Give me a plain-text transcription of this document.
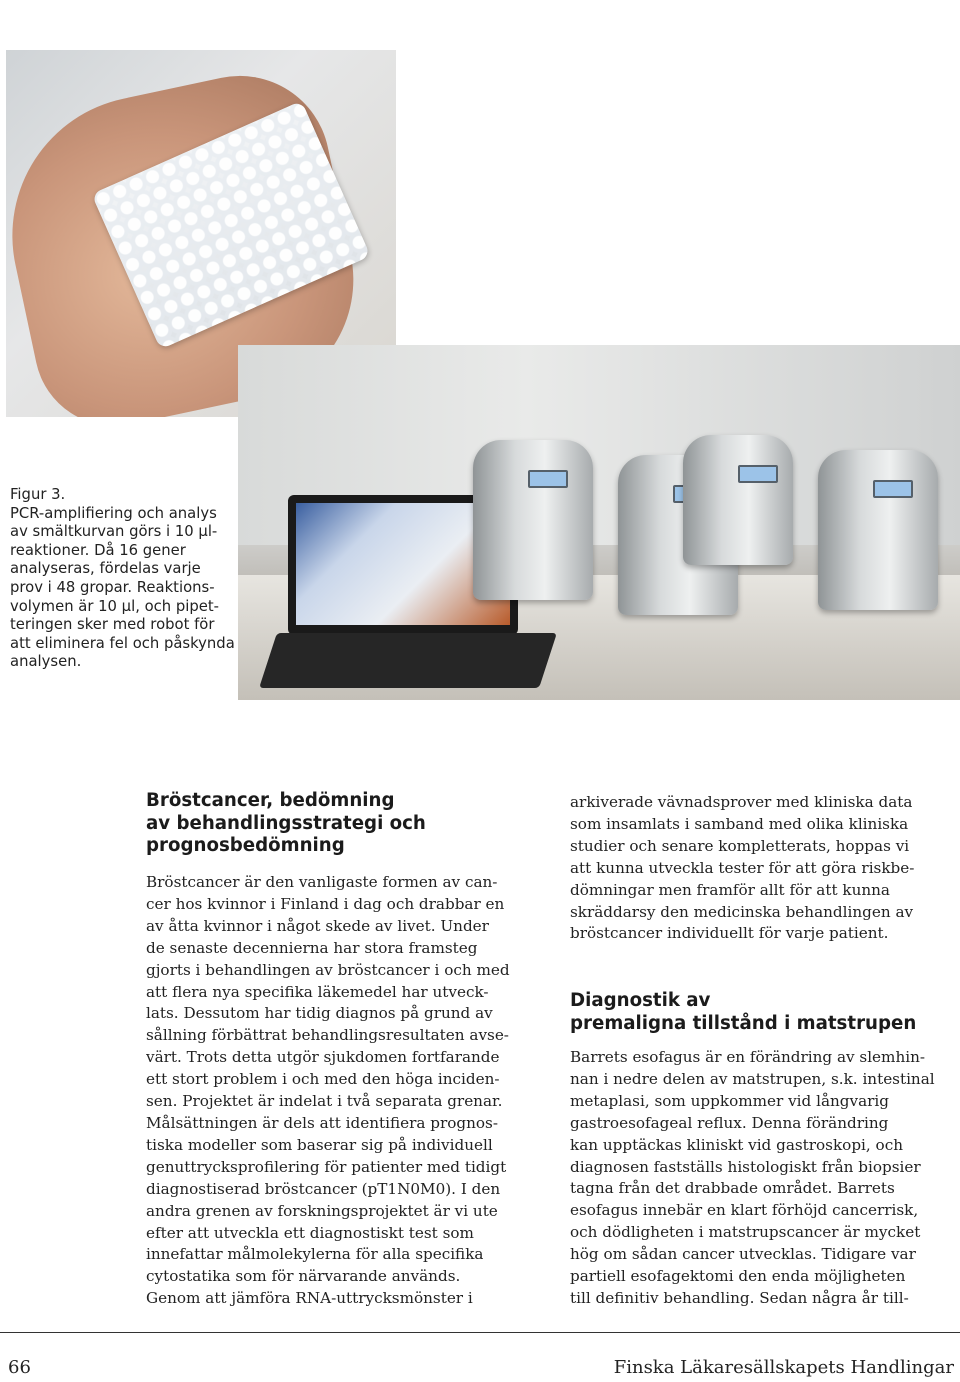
Figur 3.
PCR-amplifiering och analys
av smältkurvan görs i 10 µl-
reaktioner. Då 16 gener
analyseras, fördelas varje
prov i 48 gropar. Reaktions-
volymen är 10 µl, och pipet-
teringen sker med robot för
att eliminera fel och påskynda
analysen.
Bröstcancer, bedömning
av behandlingsstrategi och
prognosbedömning
Bröstcancer är den vanligaste formen av can-
cer hos kvinnor i Finland i dag och drabbar en
av åtta kvinnor i något skede av livet. Under
de senaste decennierna har stora framsteg
gjorts i behandlingen av bröstcancer i och med
att flera nya specifika läkemedel har utveck-
lats. Dessutom har tidig diagnos på grund av
sållning förbättrat behandlingsresultaten avse-
värt. Trots detta utgör sjukdomen fortfarande
ett stort problem i och med den höga inciden-
sen. Projektet är indelat i två separata grenar.
Målsättningen är dels att identifiera prognos-
tiska modeller som baserar sig på individuell
genuttrycksprofilering för patienter med tidigt
diagnostiserad bröstcancer (pT1N0M0). I den
andra grenen av forskningsprojektet är vi ute
efter att utveckla ett diagnostiskt test som
innefattar målmolekylerna för alla specifika
cytostatika som för närvarande används.
Genom att jämföra RNA-uttrycksmönster i
arkiverade vävnadsprover med kliniska data
som insamlats i samband med olika kliniska
studier och senare kompletterats, hoppas vi
att kunna utveckla tester för att göra riskbe-
dömningar men framför allt för att kunna
skräddarsy den medicinska behandlingen av
bröstcancer individuellt för varje patient.
Diagnostik av
premaligna tillstånd i matstrupen
Barrets esofagus är en förändring av slemhin-
nan i nedre delen av matstrupen, s.k. intestinal
metaplasi, som uppkommer vid långvarig
gastroesofageal reflux. Denna förändring
kan upptäckas kliniskt vid gastroskopi, och
diagnosen fastställs histologiskt från biopsier
tagna från det drabbade området. Barrets
esofagus innebär en klart förhöjd cancerrisk,
och dödligheten i matstrupscancer är mycket
hög om sådan cancer utvecklas. Tidigare var
partiell esofagektomi den enda möjligheten
till definitiv behandling. Sedan några år till-

66	Finska Läkaresällskapets Handlingar
